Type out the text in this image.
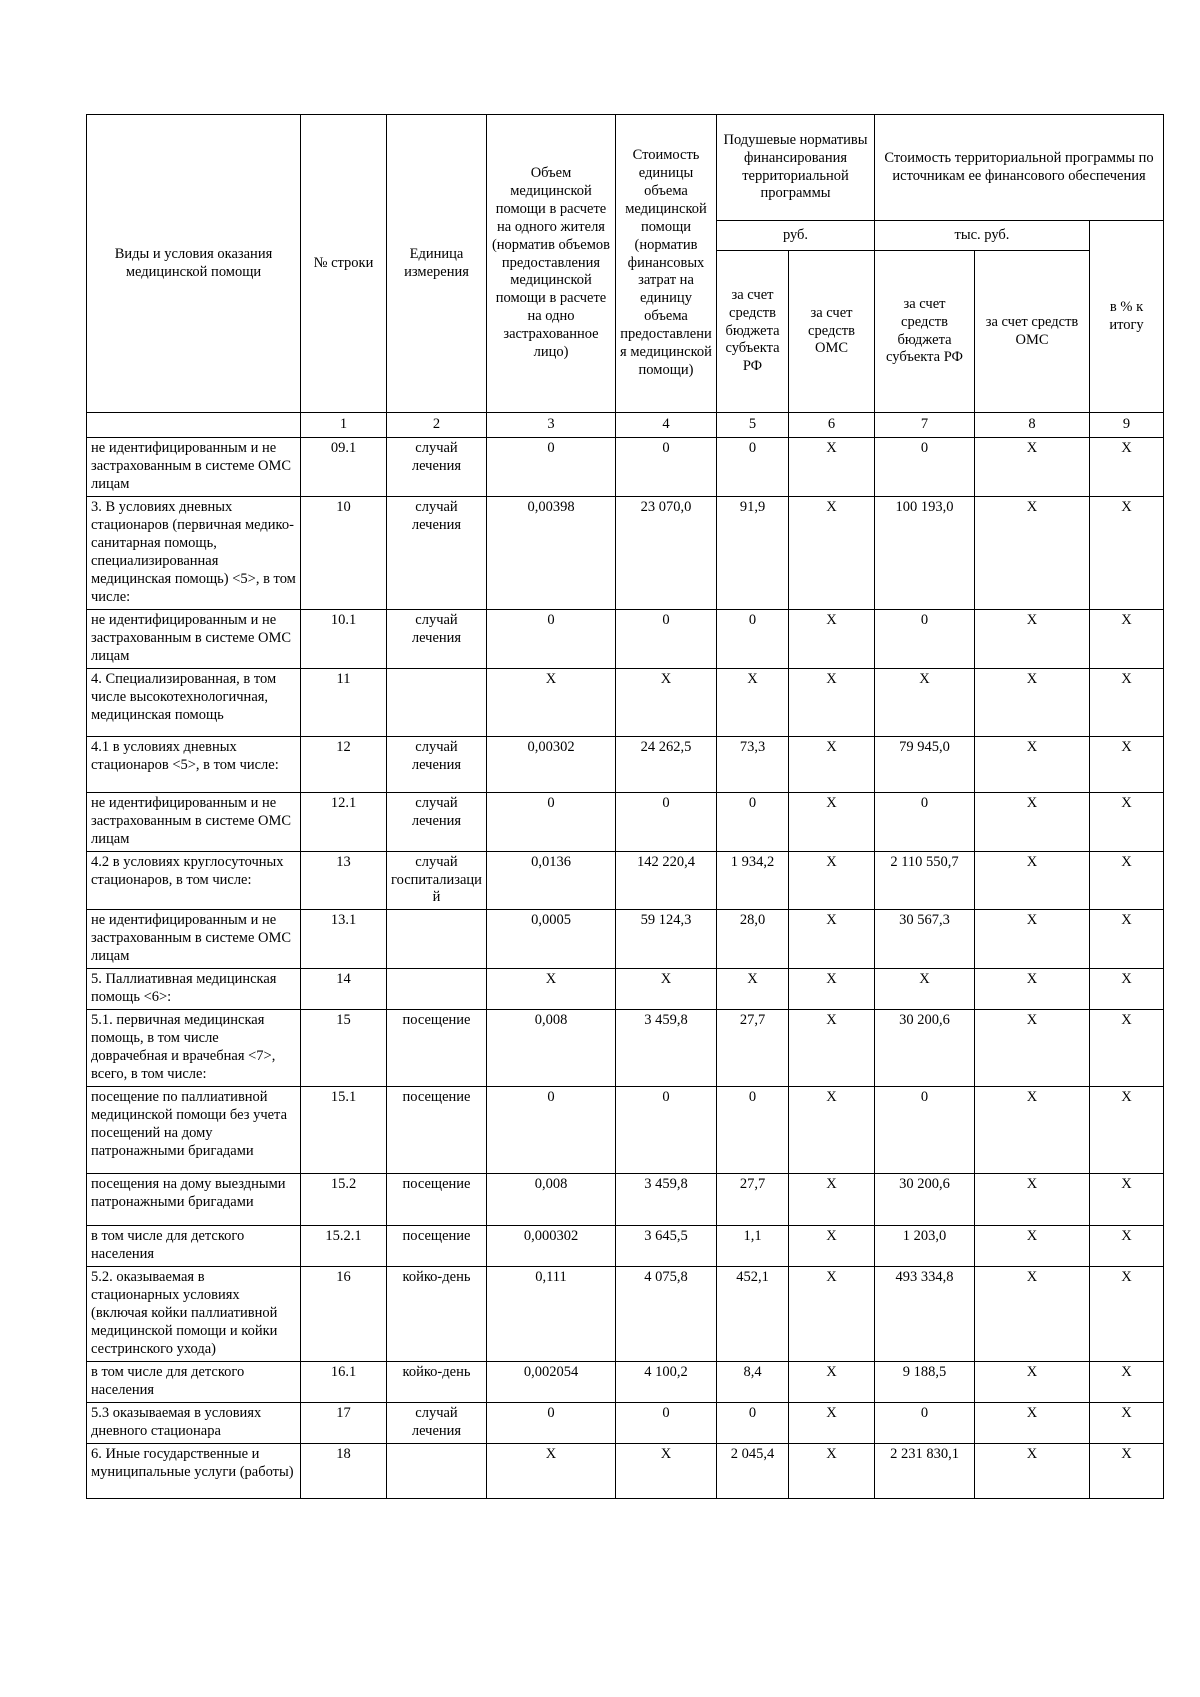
Виды и условия оказания медицинской помощи	№ строки	Единица измерения	Объем медицинской помощи в расчете на одного жителя (норматив объемов предоставления медицинской помощи в расчете на одно застрахованное лицо)	Стоимость единицы объема медицинской помощи (норматив финансовых затрат на единицу объема предоставления медицинской помощи)	Подушевые нормативы финансирования территориальной программы		Стоимость территориальной программы по источникам ее финансового обеспечения		
					руб.		тыс. руб.		в % к итогу
					за счет средств бюджета субъекта РФ	за счет средств ОМС	за счет средств бюджета субъекта РФ	за счет средств ОМС	
	1	2	3	4	5	6	7	8	9
не идентифицированным и не застрахованным в системе ОМС лицам	09.1	случай лечения	0	0	0	X	0	X	X
3. В условиях дневных стационаров (первичная медико-санитарная помощь, специализированная медицинская помощь) <5>, в том числе:	10	случай лечения	0,00398	23 070,0	91,9	X	100 193,0	X	X
не идентифицированным и не застрахованным в системе ОМС лицам	10.1	случай лечения	0	0	0	X	0	X	X
4. Специализированная, в том числе высокотехнологичная, медицинская помощь	11		X	X	X	X	X	X	X
4.1 в условиях дневных стационаров <5>, в том числе:	12	случай лечения	0,00302	24 262,5	73,3	X	79 945,0	X	X
не идентифицированным и не застрахованным в системе ОМС лицам	12.1	случай лечения	0	0	0	X	0	X	X
4.2 в условиях круглосуточных стационаров, в том числе:	13	случай госпитализаций	0,0136	142 220,4	1 934,2	X	2 110 550,7	X	X
не идентифицированным и не застрахованным в системе ОМС лицам	13.1		0,0005	59 124,3	28,0	X	30 567,3	X	X
5. Паллиативная медицинская помощь <6>:	14		X	X	X	X	X	X	X
5.1. первичная медицинская помощь, в том числе доврачебная и врачебная <7>, всего, в том числе:	15	посещение	0,008	3 459,8	27,7	X	30 200,6	X	X
посещение по паллиативной медицинской помощи без учета посещений на дому патронажными бригадами	15.1	посещение	0	0	0	X	0	X	X
посещения на дому выездными патронажными бригадами	15.2	посещение	0,008	3 459,8	27,7	X	30 200,6	X	X
в том числе для детского населения	15.2.1	посещение	0,000302	3 645,5	1,1	X	1 203,0	X	X
5.2. оказываемая в стационарных условиях (включая койки паллиативной медицинской помощи и койки сестринского ухода)	16	койко-день	0,111	4 075,8	452,1	X	493 334,8	X	X
в том числе для детского населения	16.1	койко-день	0,002054	4 100,2	8,4	X	9 188,5	X	X
5.3 оказываемая в условиях дневного стационара	17	случай лечения	0	0	0	X	0	X	X
6. Иные государственные и муниципальные услуги (работы)	18		X	X	2 045,4	X	2 231 830,1	X	X
